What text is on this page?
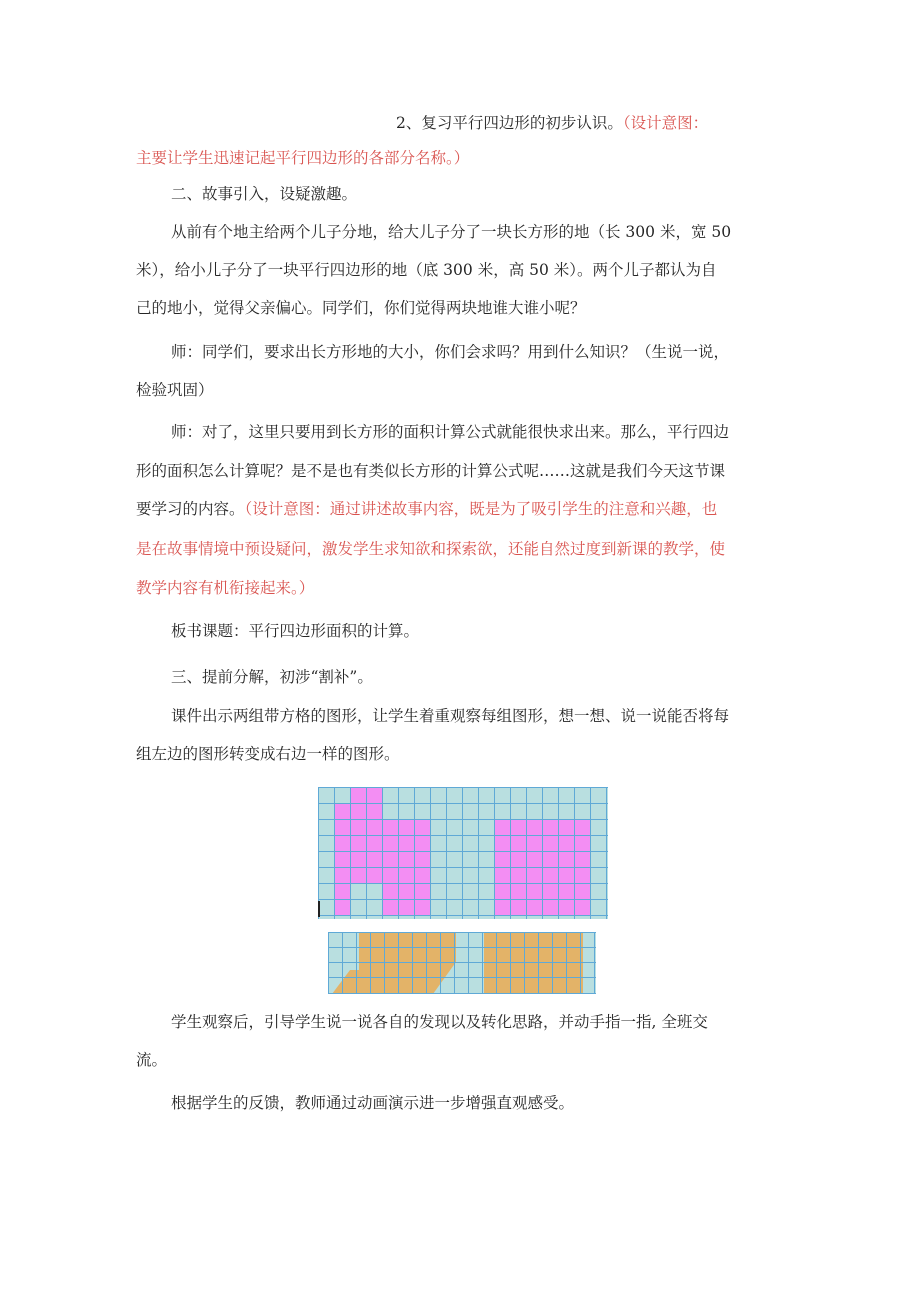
2、复习平行四边形的初步认识。（设计意图：
主要让学生迅速记起平行四边形的各部分名称。）
二、故事引入，设疑激趣。
从前有个地主给两个儿子分地，给大儿子分了一块长方形的地（长 300 米，宽 50
米），给小儿子分了一块平行四边形的地（底 300 米，高 50 米）。两个儿子都认为自
己的地小，觉得父亲偏心。同学们，你们觉得两块地谁大谁小呢？
师：同学们，要求出长方形地的大小，你们会求吗？用到什么知识？（生说一说，
检验巩固）
师：对了，这里只要用到长方形的面积计算公式就能很快求出来。那么，平行四边
形的面积怎么计算呢？是不是也有类似长方形的计算公式呢……这就是我们今天这节课
要学习的内容。（设计意图：通过讲述故事内容，既是为了吸引学生的注意和兴趣，也
是在故事情境中预设疑问，激发学生求知欲和探索欲，还能自然过度到新课的教学，使
教学内容有机衔接起来。）
板书课题：平行四边形面积的计算。
三、提前分解，初涉“割补”。
课件出示两组带方格的图形，让学生着重观察每组图形，想一想、说一说能否将每
组左边的图形转变成右边一样的图形。
学生观察后，引导学生说一说各自的发现以及转化思路，并动手指一指, 全班交
流。
根据学生的反馈，教师通过动画演示进一步增强直观感受。
